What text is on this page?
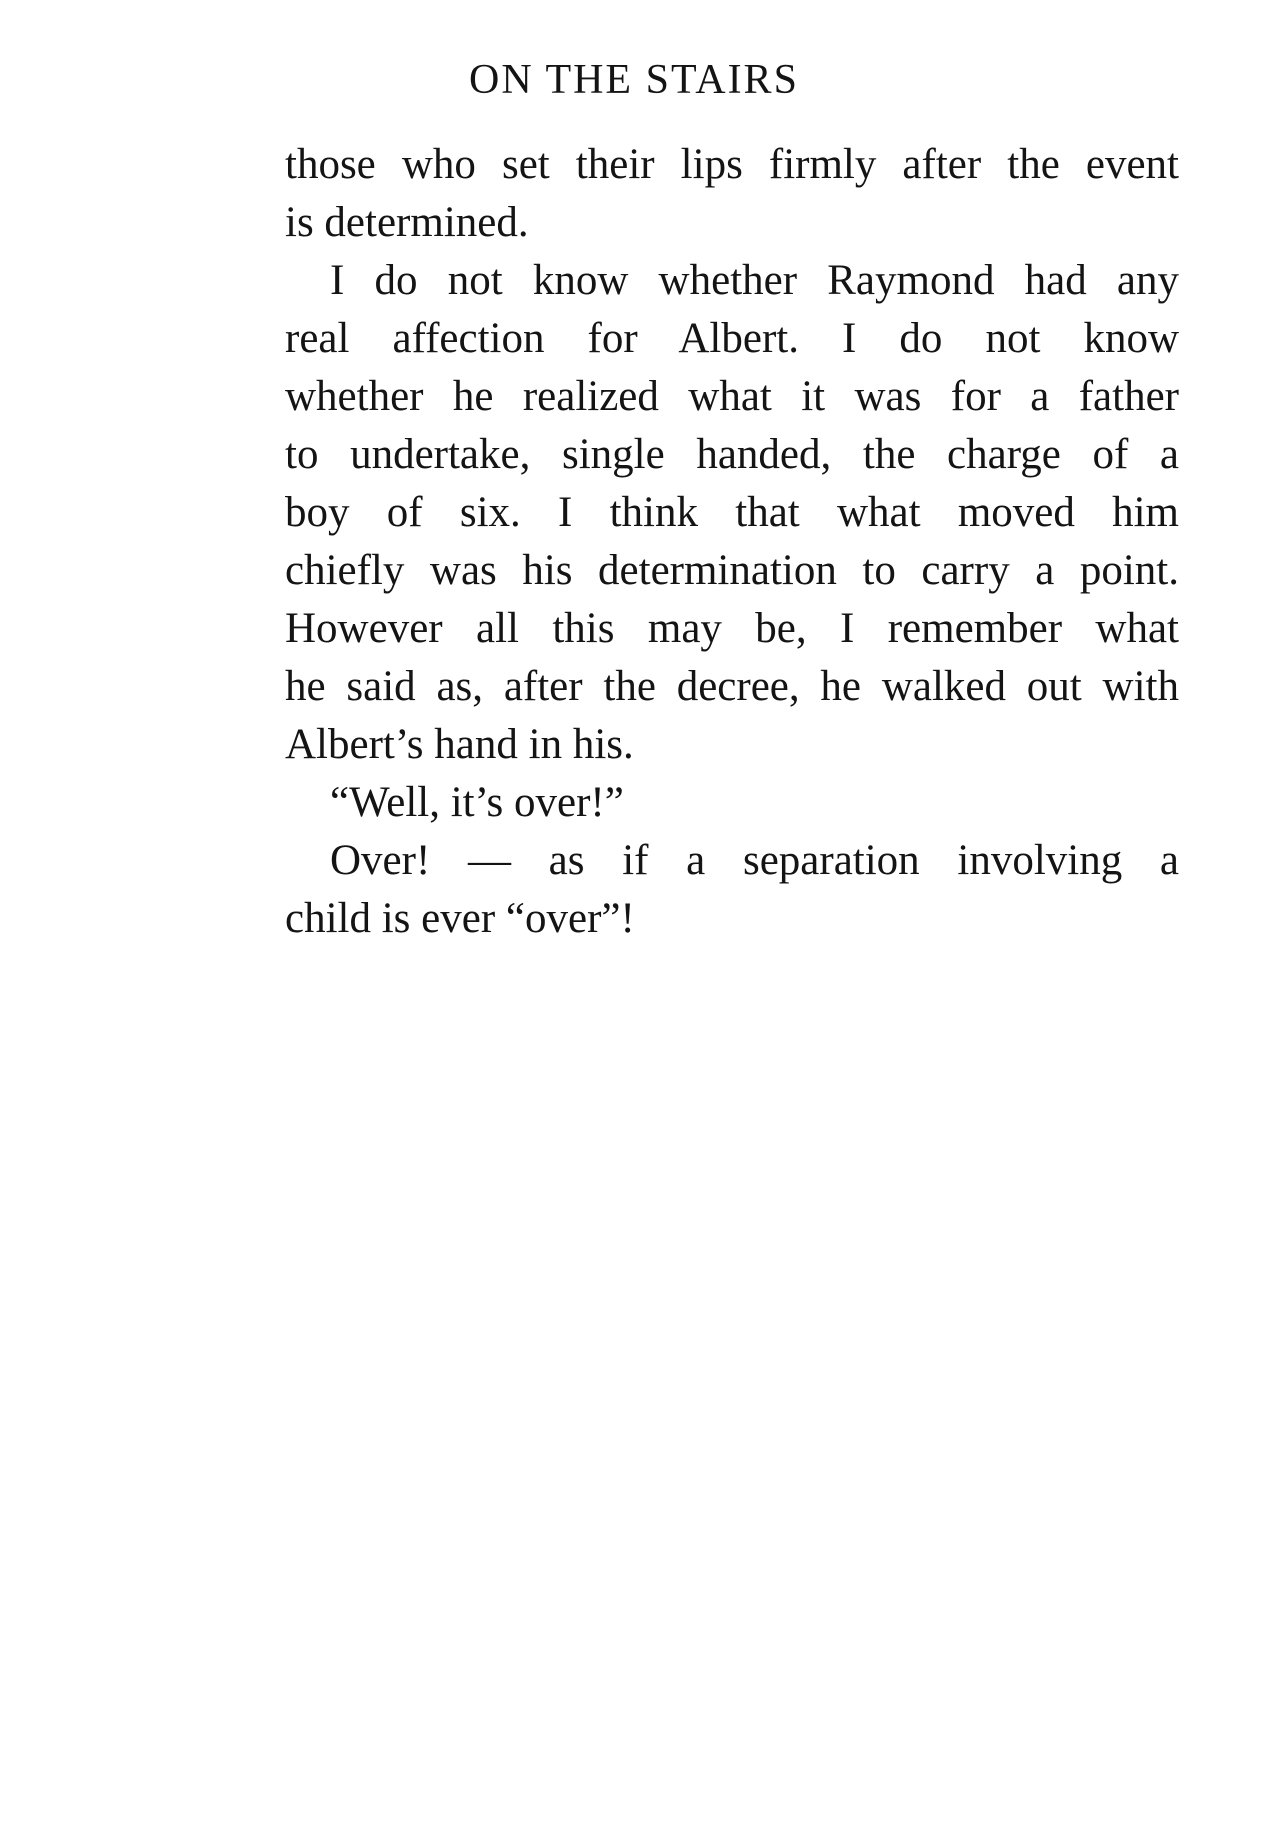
ON THE STAIRS
those who set their lips firmly after the event
is determined.
I do not know whether Raymond had any
real affection for Albert. I do not know
whether he realized what it was for a father
to undertake, single handed, the charge of a
boy of six. I think that what moved him
chiefly was his determination to carry a point.
However all this may be, I remember what
he said as, after the decree, he walked out with
Albert’s hand in his.
“Well, it’s over!”
Over! — as if a separation involving a
child is ever “over”!
